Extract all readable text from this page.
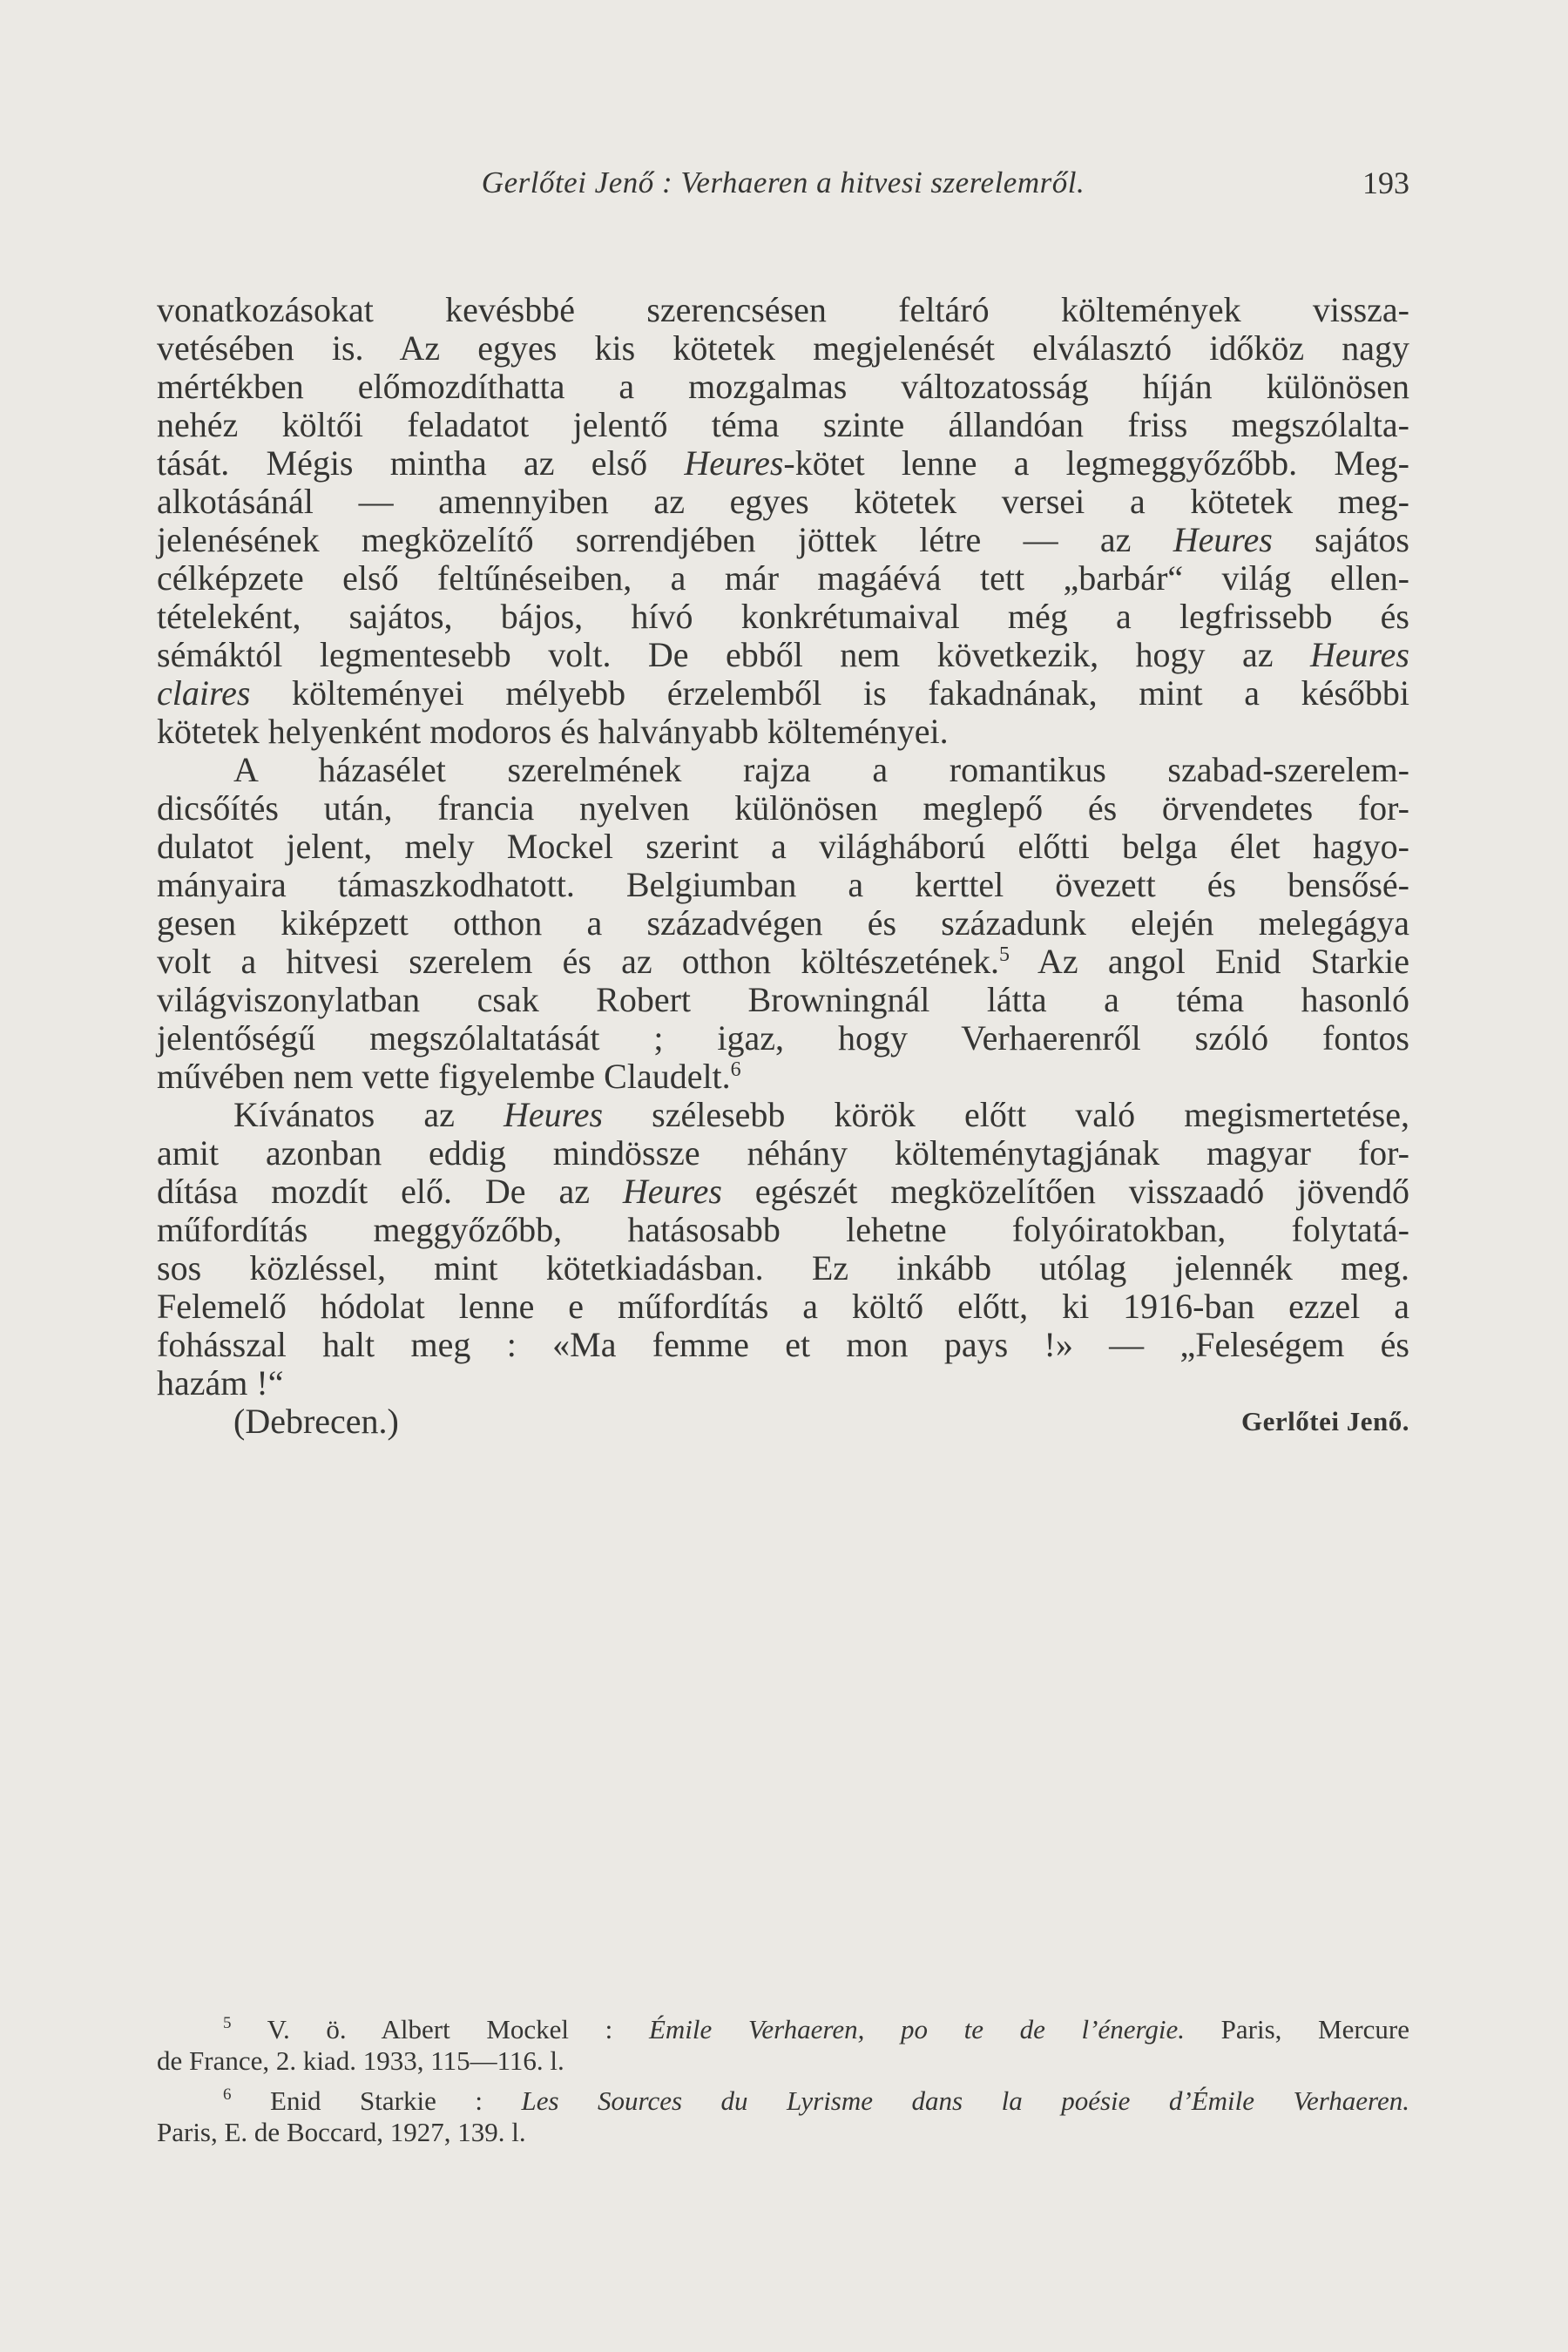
Gerlőtei Jenő : Verhaeren a hitvesi szerelemről.	193
vonatkozásokat kevésbbé szerencsésen feltáró költemények vissza-
vetésében is. Az egyes kis kötetek megjelenését elválasztó időköz nagy
mértékben előmozdíthatta a mozgalmas változatosság híján különösen
nehéz költői feladatot jelentő téma szinte állandóan friss megszólalta-
tását. Mégis mintha az első Heures-kötet lenne a legmeggyőzőbb. Meg-
alkotásánál — amennyiben az egyes kötetek versei a kötetek meg-
jelenésének megközelítő sorrendjében jöttek létre — az Heures sajátos
célképzete első feltűnéseiben, a már magáévá tett „barbár“ világ ellen-
tételeként, sajátos, bájos, hívó konkrétumaival még a legfrissebb és
sémáktól legmentesebb volt. De ebből nem következik, hogy az Heures
claires költeményei mélyebb érzelemből is fakadnának, mint a későbbi
kötetek helyenként modoros és halványabb költeményei.
A házasélet szerelmének rajza a romantikus szabad-szerelem-
dicsőítés után, francia nyelven különösen meglepő és örvendetes for-
dulatot jelent, mely Mockel szerint a világháború előtti belga élet hagyo-
mányaira támaszkodhatott. Belgiumban a kerttel övezett és bensősé-
gesen kiképzett otthon a századvégen és századunk elején melegágya
volt a hitvesi szerelem és az otthon költészetének.$^5$ Az angol Enid Starkie
világviszonylatban csak Robert Browningnál látta a téma hasonló
jelentőségű megszólaltatását ; igaz, hogy Verhaerenről szóló fontos
művében nem vette figyelembe Claudelt.$^6$
Kívánatos az Heures szélesebb körök előtt való megismertetése,
amit azonban eddig mindössze néhány költeménytagjának magyar for-
dítása mozdít elő. De az Heures egészét megközelítően visszaadó jövendő
műfordítás meggyőzőbb, hatásosabb lehetne folyóiratokban, folytatá-
sos közléssel, mint kötetkiadásban. Ez inkább utólag jelennék meg.
Felemelő hódolat lenne e műfordítás a költő előtt, ki 1916-ban ezzel a
fohásszal halt meg : «Ma femme et mon pays !» — „Feleségem és
hazám !“
(Debrecen.)	Gerlőtei Jenő.
$^5$ V. ö. Albert Mockel : Émile Verhaeren, po te de l’énergie. Paris, Mercure
de France, 2. kiad. 1933, 115—116. l.
$^6$ Enid Starkie : Les Sources du Lyrisme dans la poésie d’Émile Verhaeren.
Paris, E. de Boccard, 1927, 139. l.
